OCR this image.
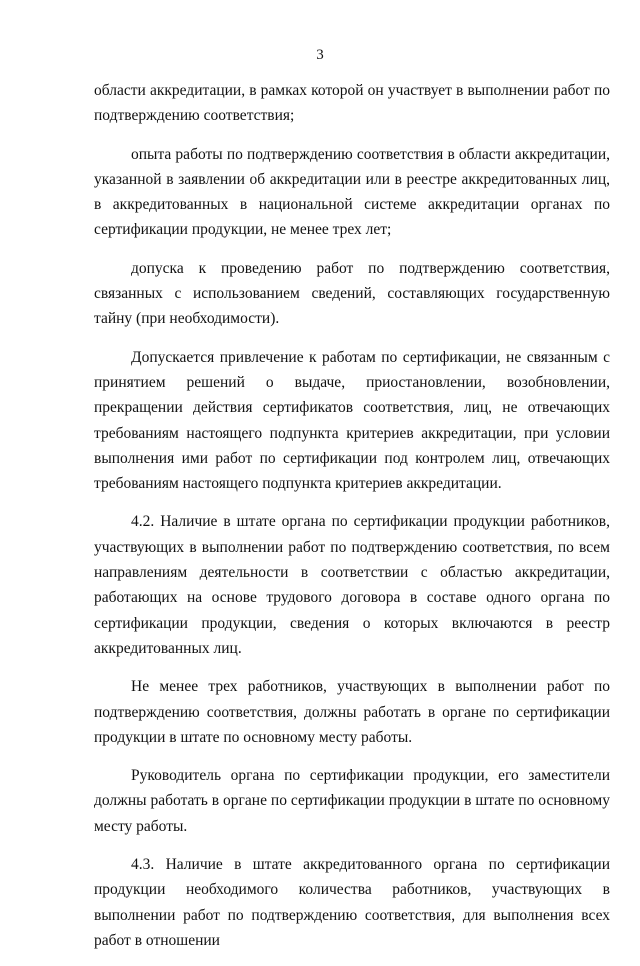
3

области аккредитации, в рамках которой он участвует в выполнении работ по подтверждению соответствия;

опыта работы по подтверждению соответствия в области аккредитации, указанной в заявлении об аккредитации или в реестре аккредитованных лиц, в аккредитованных в национальной системе аккредитации органах по сертификации продукции, не менее трех лет;

допуска к проведению работ по подтверждению соответствия, связанных с использованием сведений, составляющих государственную тайну (при необходимости).

Допускается привлечение к работам по сертификации, не связанным с принятием решений о выдаче, приостановлении, возобновлении, прекращении действия сертификатов соответствия, лиц, не отвечающих требованиям настоящего подпункта критериев аккредитации, при условии выполнения ими работ по сертификации под контролем лиц, отвечающих требованиям настоящего подпункта критериев аккредитации.

4.2. Наличие в штате органа по сертификации продукции работников, участвующих в выполнении работ по подтверждению соответствия, по всем направлениям деятельности в соответствии с областью аккредитации, работающих на основе трудового договора в составе одного органа по сертификации продукции, сведения о которых включаются в реестр аккредитованных лиц.

Не менее трех работников, участвующих в выполнении работ по подтверждению соответствия, должны работать в органе по сертификации продукции в штате по основному месту работы.

Руководитель органа по сертификации продукции, его заместители должны работать в органе по сертификации продукции в штате по основному месту работы.

4.3. Наличие в штате аккредитованного органа по сертификации продукции необходимого количества работников, участвующих в выполнении работ по подтверждению соответствия, для выполнения всех работ в отношении
